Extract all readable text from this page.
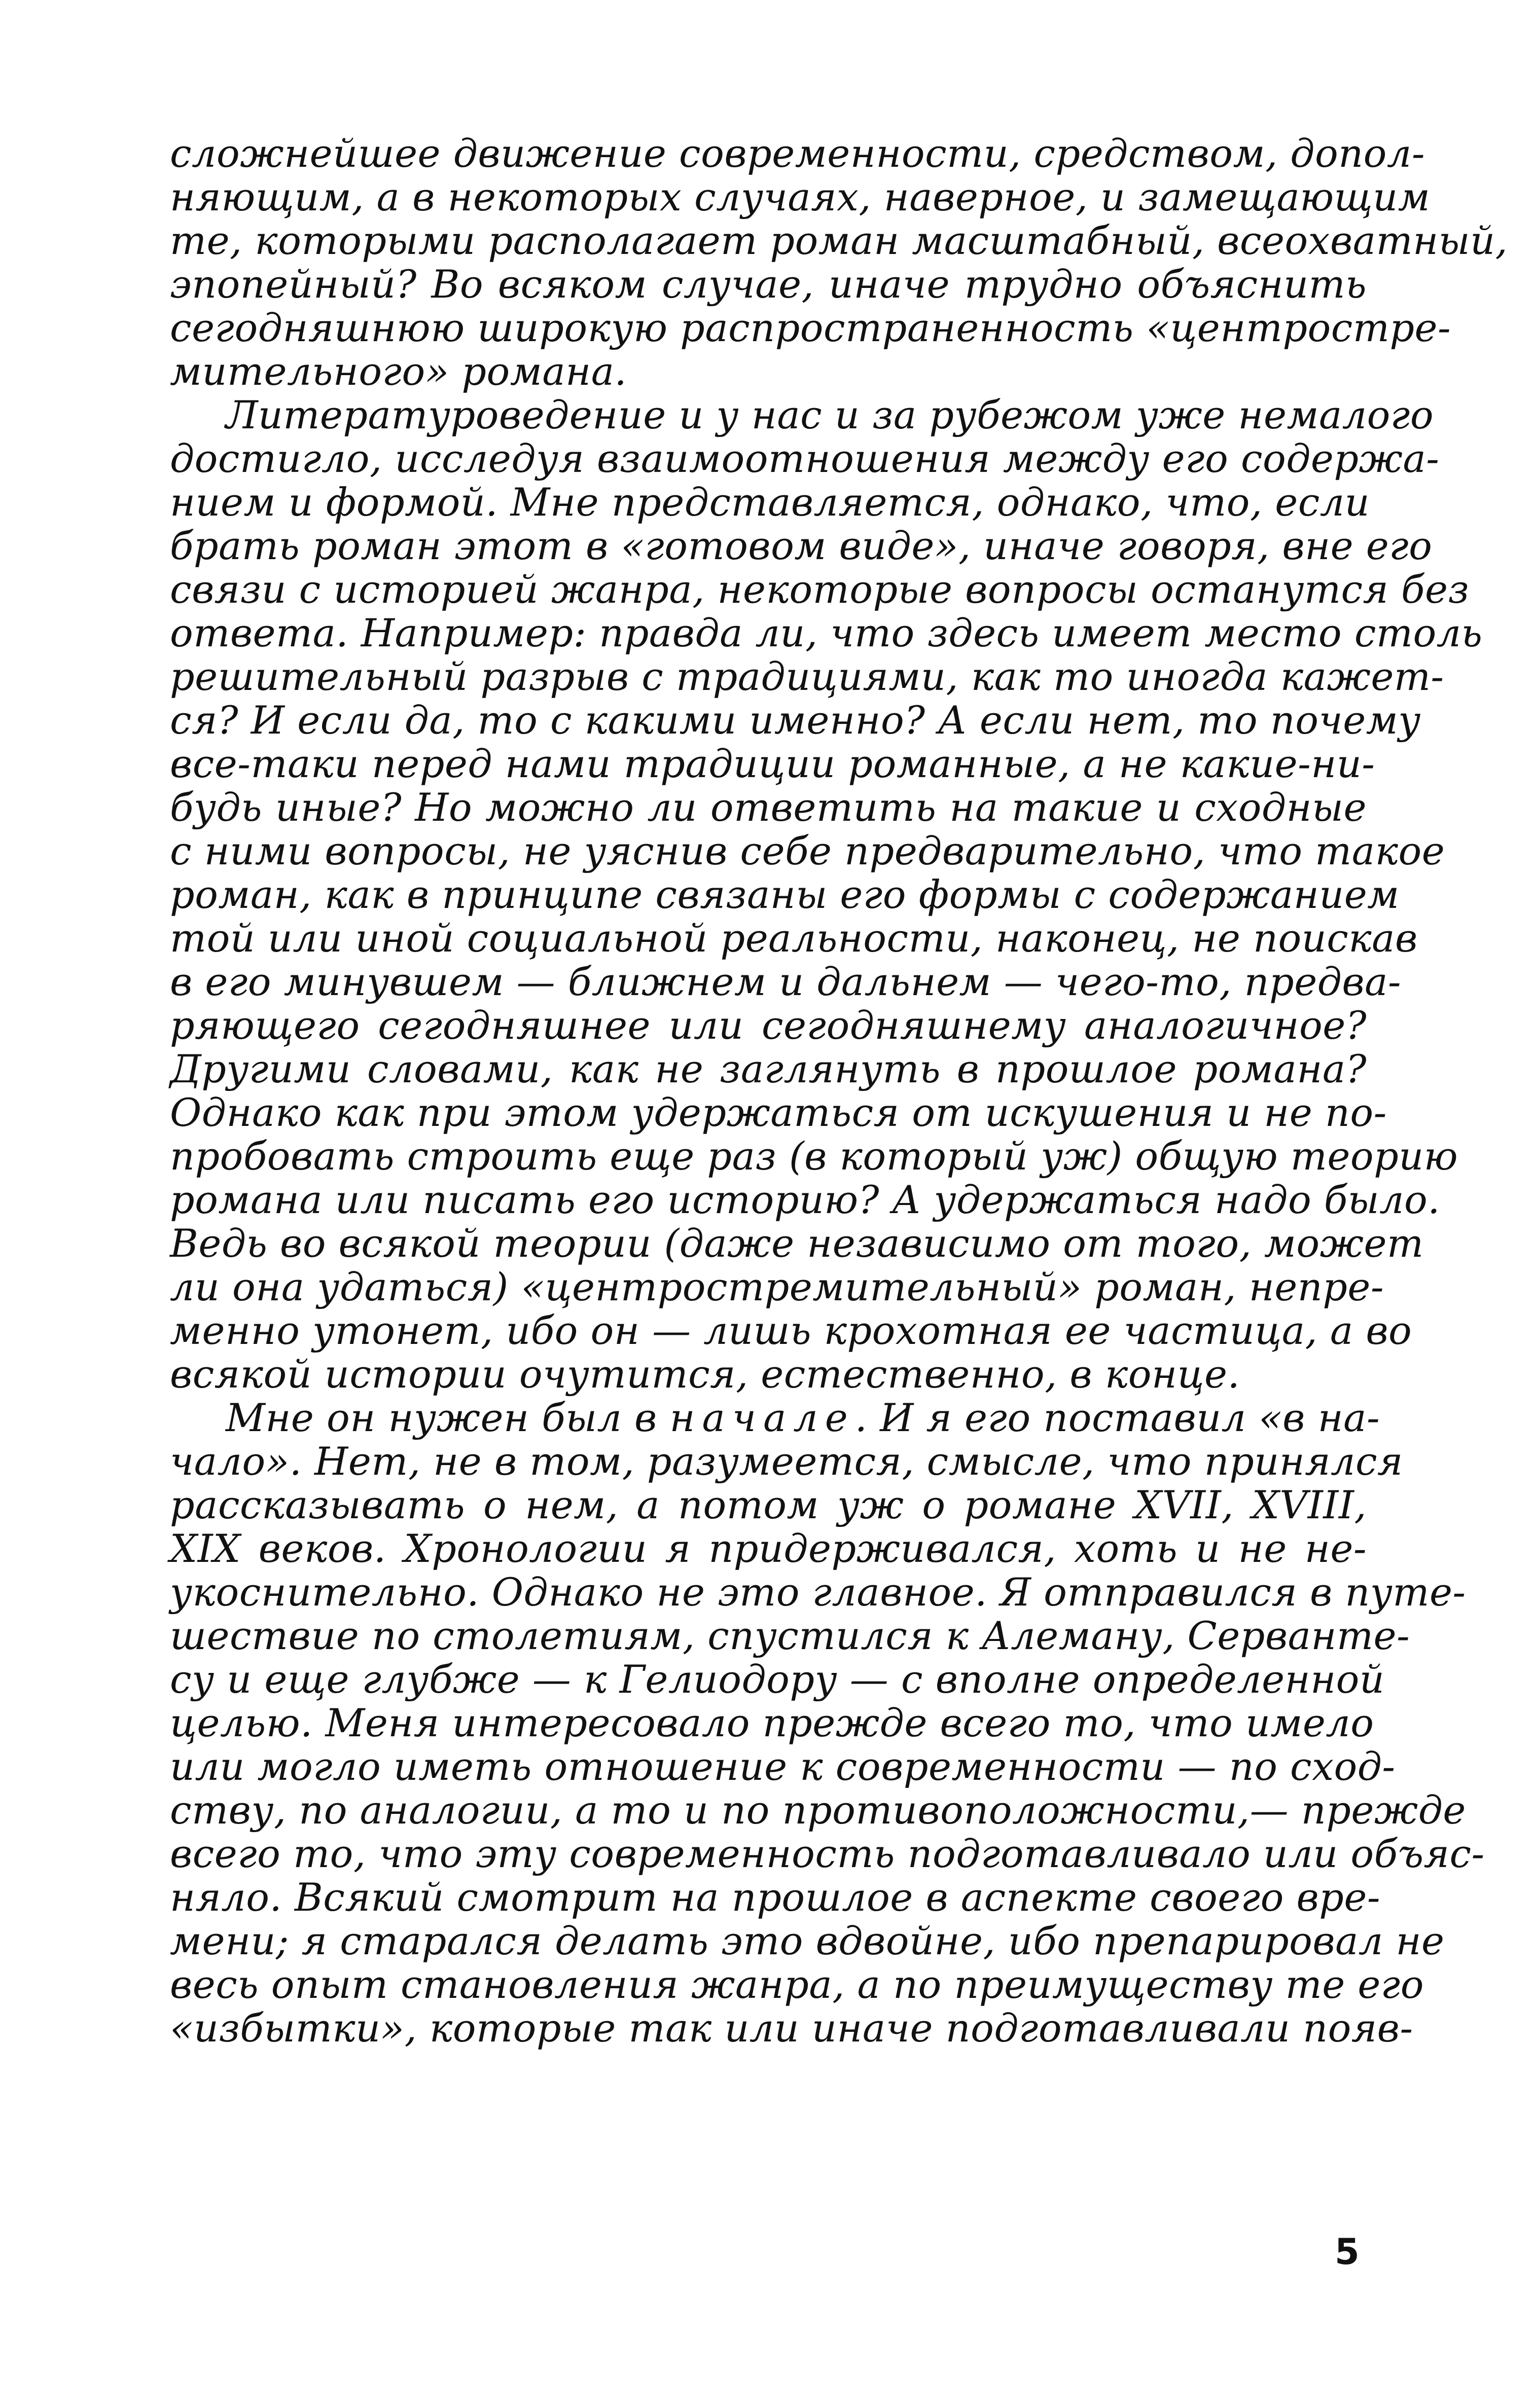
сложнейшее движение современности, средством, допол-
няющим, а в некоторых случаях, наверное, и замещающим
те, которыми располагает роман масштабный, всеохватный,
эпопейный? Во всяком случае, иначе трудно объяснить
сегодняшнюю широкую распространенность «центростре-
мительного» романа.
Литературоведение и у нас и за рубежом уже немалого
достигло, исследуя взаимоотношения между его содержа-
нием и формой. Мне представляется, однако, что, если
брать роман этот в «готовом виде», иначе говоря, вне его
связи с историей жанра, некоторые вопросы останутся без
ответа. Например: правда ли, что здесь имеет место столь
решительный разрыв с традициями, как то иногда кажет-
ся? И если да, то с какими именно? А если нет, то почему
все-таки перед нами традиции романные, а не какие-ни-
будь иные? Но можно ли ответить на такие и сходные
с ними вопросы, не уяснив себе предварительно, что такое
роман, как в принципе связаны его формы с содержанием
той или иной социальной реальности, наконец, не поискав
в его минувшем — ближнем и дальнем — чего-то, предва-
ряющего сегодняшнее или сегодняшнему аналогичное?
Другими словами, как не заглянуть в прошлое романа?
Однако как при этом удержаться от искушения и не по-
пробовать строить еще раз (в который уж) общую теорию
романа или писать его историю? А удержаться надо было.
Ведь во всякой теории (даже независимо от того, может
ли она удаться) «центростремительный» роман, непре-
менно утонет, ибо он — лишь крохотная ее частица, а во
всякой истории очутится, естественно, в конце.
Мне он нужен был в начале. И я его поставил «в на-
чало». Нет, не в том, разумеется, смысле, что принялся
рассказывать о нем, а потом уж о романе XVII, XVIII,
XIX веков. Хронологии я придерживался, хоть и не не-
укоснительно. Однако не это главное. Я отправился в путе-
шествие по столетиям, спустился к Алеману, Серванте-
су и еще глубже — к Гелиодору — с вполне определенной
целью. Меня интересовало прежде всего то, что имело
или могло иметь отношение к современности — по сход-
ству, по аналогии, а то и по противоположности,— прежде
всего то, что эту современность подготавливало или объяс-
няло. Всякий смотрит на прошлое в аспекте своего вре-
мени; я старался делать это вдвойне, ибо препарировал не
весь опыт становления жанра, а по преимуществу те его
«избытки», которые так или иначе подготавливали появ-
5
